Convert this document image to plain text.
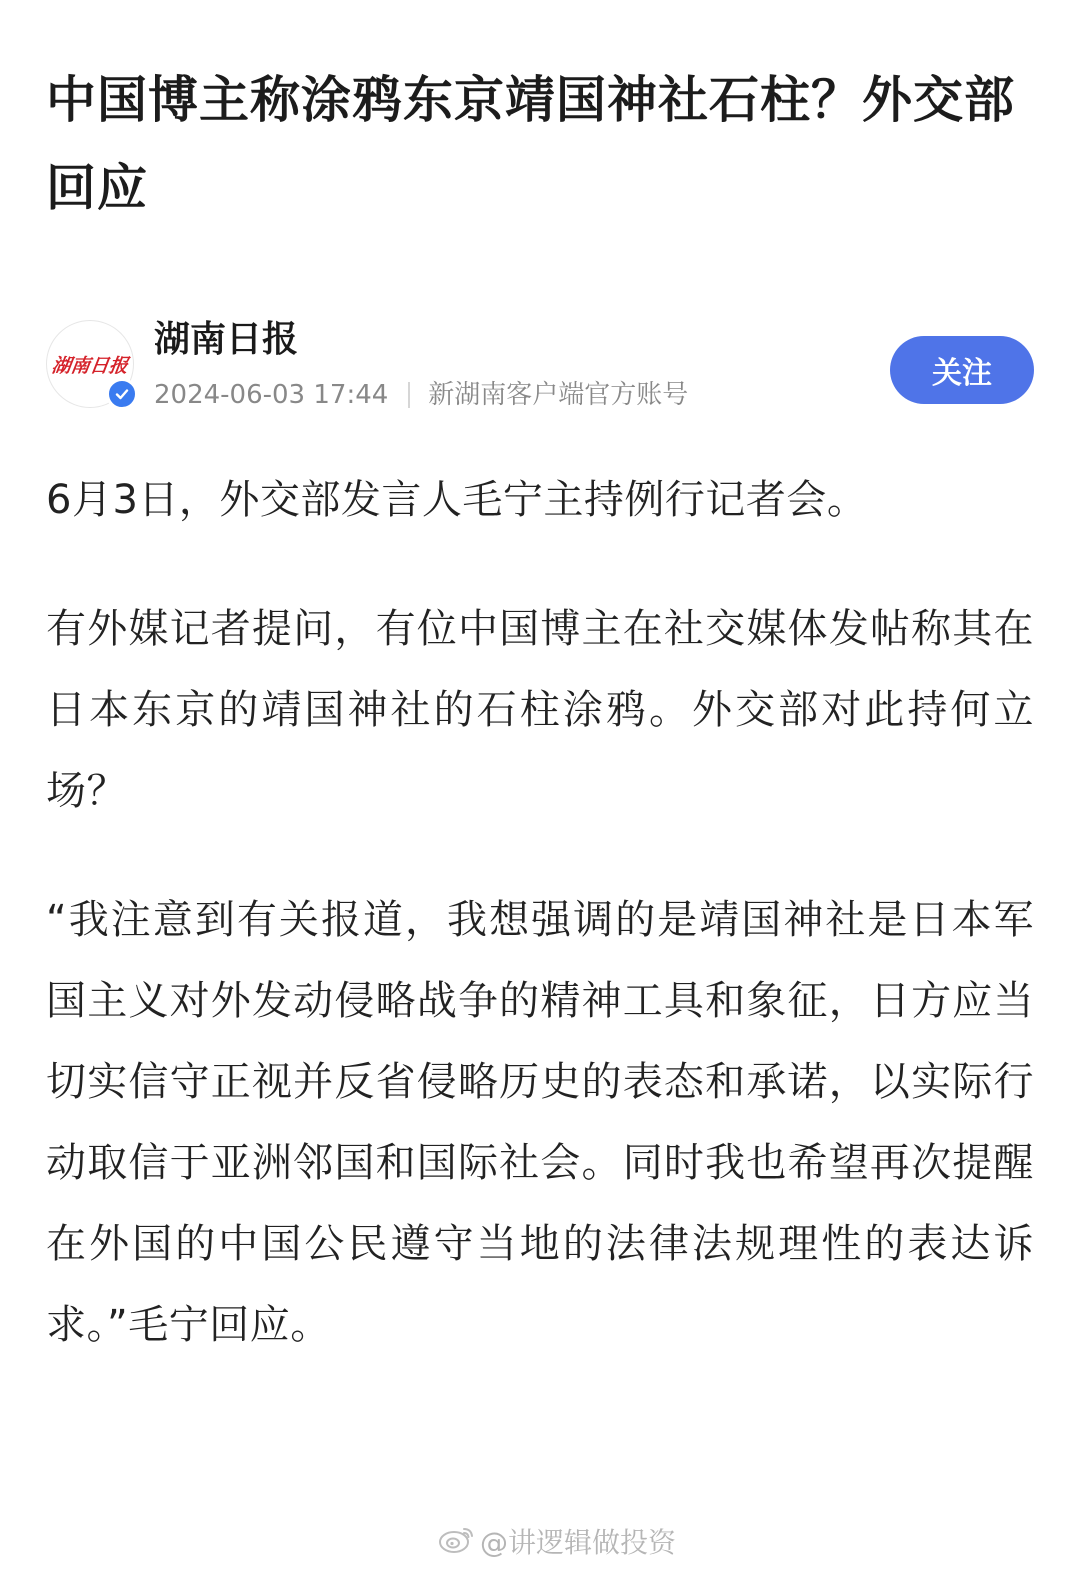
中国博主称涂鸦东京靖国神社石柱？外交部回应
湖南日报
湖南日报
2024-06-03 17:44 新湖南客户端官方账号
关注

6月3日，外交部发言人毛宁主持例行记者会。

有外媒记者提问，有位中国博主在社交媒体发帖称其在日本东京的靖国神社的石柱涂鸦。外交部对此持何立场？

“我注意到有关报道，我想强调的是靖国神社是日本军国主义对外发动侵略战争的精神工具和象征，日方应当切实信守正视并反省侵略历史的表态和承诺，以实际行动取信于亚洲邻国和国际社会。同时我也希望再次提醒在外国的中国公民遵守当地的法律法规理性的表达诉求。”毛宁回应。

@讲逻辑做投资
